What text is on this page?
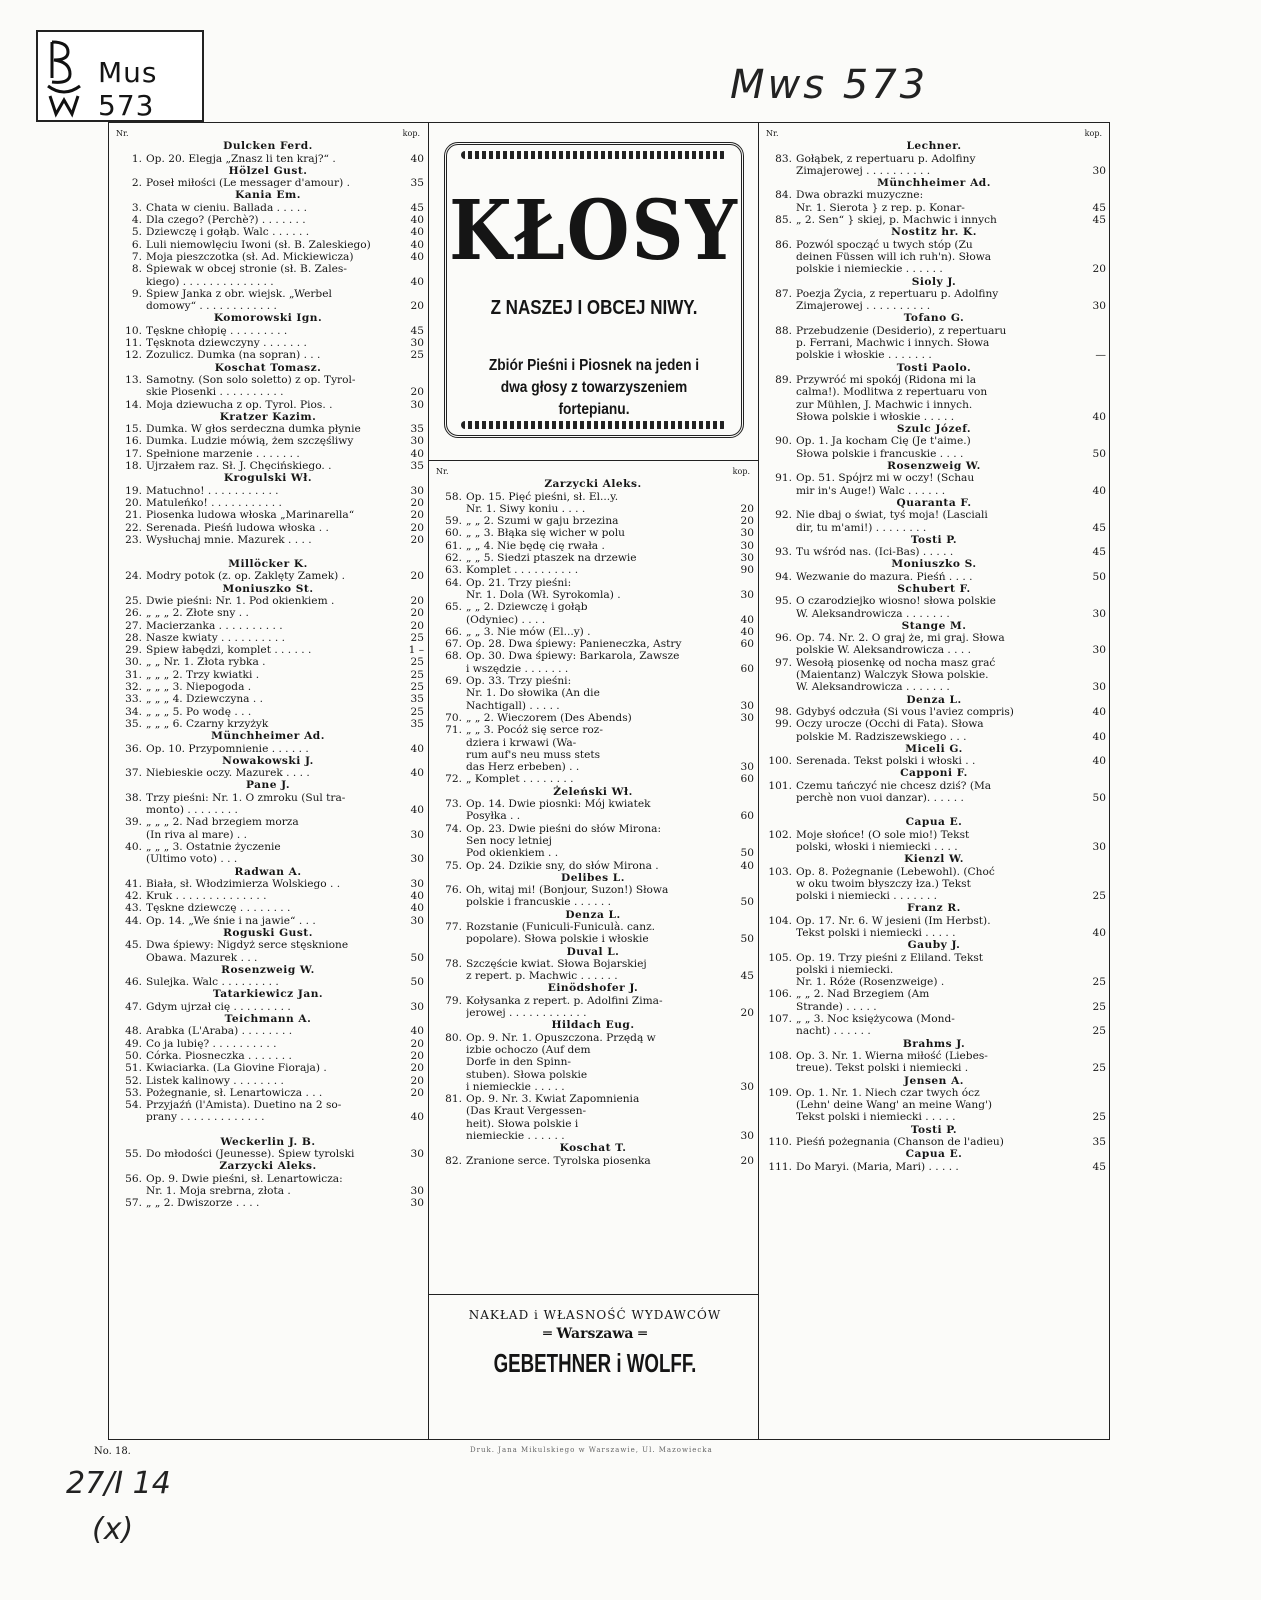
Mus 573	Mws 573
KŁOSY
Z NASZEJ I OBCEJ NIWY.
Zbiór Pieśni i Piosnek na jeden i dwa głosy z towarzyszeniem fortepianu.
Nr.	kop.
Dulcken Ferd.
1. Op. 20. Elegja „Znasz li ten kraj?“ .	40
Hölzel Gust.
2. Poseł miłości (Le messager d'amour) .	35
Kania Em.
3. Chata w cieniu. Ballada . . . . .	45
4. Dla czego? (Perchè?) . . . . . . .	40
5. Dziewczę i gołąb. Walc . . . . . .	40
6. Luli niemowlęciu Iwoni (sł. B. Zaleskiego)	40
7. Moja pieszczotka (sł. Ad. Mickiewicza)	40
8. Śpiewak w obcej stronie (sł. B. Zales-
kiego) . . . . . . . . . . . . . .	40
9. Śpiew Janka z obr. wiejsk. „Werbel
domowy“ . . . . . . . . . . . .	20
Komorowski Ign.
10. Tęskne chłopię . . . . . . . . .	45
11. Tęsknota dziewczyny . . . . . . .	30
12. Zozulicz. Dumka (na sopran) . . .	25
Koschat Tomasz.
13. Samotny. (Son solo soletto) z op. Tyrol-
skie Piosenki . . . . . . . . . .	20
14. Moja dziewucha z op. Tyrol. Pios. .	30
Kratzer Kazim.
15. Dumka. W głos serdeczna dumka płynie	35
16. Dumka. Ludzie mówią, żem szczęśliwy	30
17. Spełnione marzenie . . . . . . .	40
18. Ujrzałem raz. Sł. J. Chęcińskiego. .	35
Krogulski Wł.
19. Matuchno! . . . . . . . . . . .	30
20. Matuleńko! . . . . . . . . . . .	20
21. Piosenka ludowa włoska „Marinarella“	20
22. Serenada. Pieśń ludowa włoska . .	20
23. Wysłuchaj mnie. Mazurek . . . .	20
Millöcker K.
24. Modry potok (z. op. Zaklęty Zamek) .	20
Moniuszko St.
25. Dwie pieśni: Nr. 1. Pod okienkiem .	20
26. „ „ „ 2. Złote sny . .	20
27. Macierzanka . . . . . . . . . .	20
28. Nasze kwiaty . . . . . . . . . .	25
29. Śpiew łabędzi, komplet . . . . . .	1 –
30. „ „ Nr. 1. Złota rybka .	25
31. „ „ „ 2. Trzy kwiatki .	25
32. „ „ „ 3. Niepogoda .	25
33. „ „ „ 4. Dziewczyna . .	35
34. „ „ „ 5. Po wodę . . .	25
35. „ „ „ 6. Czarny krzyżyk	35
Münchheimer Ad.
36. Op. 10. Przypomnienie . . . . . .	40
Nowakowski J.
37. Niebieskie oczy. Mazurek . . . .	40
Pane J.
38. Trzy pieśni: Nr. 1. O zmroku (Sul tra-
monto) . . . . . . . .	40
39. „ „ „ 2. Nad brzegiem morza
(In riva al mare) . .	30
40. „ „ „ 3. Ostatnie życzenie
(Ultimo voto) . . .	30
Radwan A.
41. Biała, sł. Włodzimierza Wolskiego . .	30
42. Kruk . . . . . . . . . . . . . .	40
43. Tęskne dziewczę . . . . . . . .	40
44. Op. 14. „We śnie i na jawie“ . . .	30
Roguski Gust.
45. Dwa śpiewy: Nigdyż serce stęsknione
Obawa. Mazurek . . .	50
Rosenzweig W.
46. Sulejka. Walc . . . . . . . . .	50
Tatarkiewicz Jan.
47. Gdym ujrzał cię . . . . . . . . .	30
Teichmann A.
48. Arabka (L'Araba) . . . . . . . .	40
49. Co ja lubię? . . . . . . . . . .	20
50. Córka. Piosneczka . . . . . . .	20
51. Kwiaciarka. (La Giovine Fioraja) .	20
52. Listek kalinowy . . . . . . . .	20
53. Pożegnanie, sł. Lenartowicza . . .	20
54. Przyjaźń (l'Amista). Duetino na 2 so-
prany . . . . . . . . . . . . .	40
Weckerlin J. B.
55. Do młodości (Jeunesse). Śpiew tyrolski	30
Zarzycki Aleks.
56. Op. 9. Dwie pieśni, sł. Lenartowicza:
Nr. 1. Moja srebrna, złota .	30
57. „ „ 2. Dwiszorze . . . .	30
Nr.	kop.
Zarzycki Aleks.
58. Op. 15. Pięć pieśni, sł. El...y.
Nr. 1. Siwy koniu . . . .	20
59. „ „ 2. Szumi w gaju brzezina	20
60. „ „ 3. Błąka się wicher w polu	30
61. „ „ 4. Nie będę cię rwała .	30
62. „ „ 5. Siedzi ptaszek na drzewie	30
63. Komplet . . . . . . . . . .	90
64. Op. 21. Trzy pieśni:
Nr. 1. Dola (Wł. Syrokomla) .	30
65. „ „ 2. Dziewczę i gołąb
(Odyniec) . . . .	40
66. „ „ 3. Nie mów (El...y) .	40
67. Op. 28. Dwa śpiewy: Panieneczka, Astry	60
68. Op. 30. Dwa śpiewy: Barkarola, Zawsze
i wszędzie . . . . . . .	60
69. Op. 33. Trzy pieśni:
Nr. 1. Do słowika (An die
Nachtigall) . . . . .	30
70. „ „ 2. Wieczorem (Des Abends)	30
71. „ „ 3. Pocóż się serce roz-
dziera i krwawi (Wa-
rum auf's neu muss stets
das Herz erbeben) . .	30
72. „ Komplet . . . . . . . .	60
Żeleński Wł.
73. Op. 14. Dwie piosnki: Mój kwiatek
Posyłka . .	60
74. Op. 23. Dwie pieśni do słów Mirona:
Sen nocy letniej
Pod okienkiem . .	50
75. Op. 24. Dzikie sny, do słów Mirona .	40
Delibes L.
76. Oh, witaj mi! (Bonjour, Suzon!) Słowa
polskie i francuskie . . . . . .	50
Denza L.
77. Rozstanie (Funiculi-Funiculà. canz.
popolare). Słowa polskie i włoskie	50
Duval L.
78. Szczęście kwiat. Słowa Bojarskiej
z repert. p. Machwic . . . . . .	45
Einödshofer J.
79. Kołysanka z repert. p. Adolfini Zima-
jerowej . . . . . . . . . . . .	20
Hildach Eug.
80. Op. 9. Nr. 1. Opuszczona. Przędą w
izbie ochoczo (Auf dem
Dorfe in den Spinn-
stuben). Słowa polskie
i niemieckie . . . . .	30
81. Op. 9. Nr. 3. Kwiat Zapomnienia
(Das Kraut Vergessen-
heit). Słowa polskie i
niemieckie . . . . . .	30
Koschat T.
82. Zranione serce. Tyrolska piosenka	20
Nr.	kop.
Lechner.
83. Gołąbek, z repertuaru p. Adolfiny
Zimajerowej . . . . . . . . . .	30
Münchheimer Ad.
84. Dwa obrazki muzyczne:
Nr. 1. Sierota } z rep. p. Konar-	45
85. „ 2. Sen“ } skiej, p. Machwic i innych	45
Nostitz hr. K.
86. Pozwól spocząć u twych stóp (Zu
deinen Füssen will ich ruh'n). Słowa
polskie i niemieckie . . . . . .	20
Sioly J.
87. Poezja Życia, z repertuaru p. Adolfiny
Zimajerowej . . . . . . . . . .	30
Tofano G.
88. Przebudzenie (Desiderio), z repertuaru
p. Ferrani, Machwic i innych. Słowa
polskie i włoskie . . . . . . .	—
Tosti Paolo.
89. Przywróć mi spokój (Ridona mi la
calma!). Modlitwa z repertuaru von
zur Mühlen, J. Machwic i innych.
Słowa polskie i włoskie . . . . .	40
Szulc Józef.
90. Op. 1. Ja kocham Cię (Je t'aime.)
Słowa polskie i francuskie . . . .	50
Rosenzweig W.
91. Op. 51. Spójrz mi w oczy! (Schau
mir in's Auge!) Walc . . . . . .	40
Quaranta F.
92. Nie dbaj o świat, tyś moja! (Lasciali
dir, tu m'ami!) . . . . . . . .	45
Tosti P.
93. Tu wśród nas. (Ici-Bas) . . . . .	45
Moniuszko S.
94. Wezwanie do mazura. Pieśń . . . .	50
Schubert F.
95. O czarodziejko wiosno! słowa polskie
W. Aleksandrowicza . . . . . . .	30
Stange M.
96. Op. 74. Nr. 2. O graj że, mi graj. Słowa
polskie W. Aleksandrowicza . . . .	30
97. Wesołą piosenkę od nocha masz grać
(Maientanz) Walczyk Słowa polskie.
W. Aleksandrowicza . . . . . . .	30
Denza L.
98. Gdybyś odczuła (Si vous l'aviez compris)	40
99. Oczy urocze (Occhi di Fata). Słowa
polskie M. Radziszewskiego . . .	40
Miceli G.
100. Serenada. Tekst polski i włoski . .	40
Capponi F.
101. Czemu tańczyć nie chcesz dziś? (Ma
perchè non vuoi danzar). . . . . .	50
Capua E.
102. Moje słońce! (O sole mio!) Tekst
polski, włoski i niemiecki . . . .	30
Kienzl W.
103. Op. 8. Pożegnanie (Lebewohl). (Choć
w oku twoim błyszczy łza.) Tekst
polski i niemiecki . . . . . . .	25
Franz R.
104. Op. 17. Nr. 6. W jesieni (Im Herbst).
Tekst polski i niemiecki . . . . .	40
Gauby J.
105. Op. 19. Trzy pieśni z Eliland. Tekst
polski i niemiecki.
Nr. 1. Róże (Rosenzweige) .	25
106. „ „ 2. Nad Brzegiem (Am
Strande) . . . . .	25
107. „ „ 3. Noc księżycowa (Mond-
nacht) . . . . . .	25
Brahms J.
108. Op. 3. Nr. 1. Wierna miłość (Liebes-
treue). Tekst polski i niemiecki .	25
Jensen A.
109. Op. 1. Nr. 1. Niech czar twych ócz
(Lehn' deine Wang' an meine Wang')
Tekst polski i niemiecki . . . . .	25
Tosti P.
110. Pieśń pożegnania (Chanson de l'adieu)	35
Capua E.
111. Do Maryi. (Maria, Mari) . . . . .	45
NAKŁAD i WŁASNOŚĆ WYDAWCÓW
═ Warszawa ═
GEBETHNER i WOLFF.
No. 18.	Druk. Jana Mikulskiego w Warszawie, Ul. Mazowiecka
27/I 14
(x)
